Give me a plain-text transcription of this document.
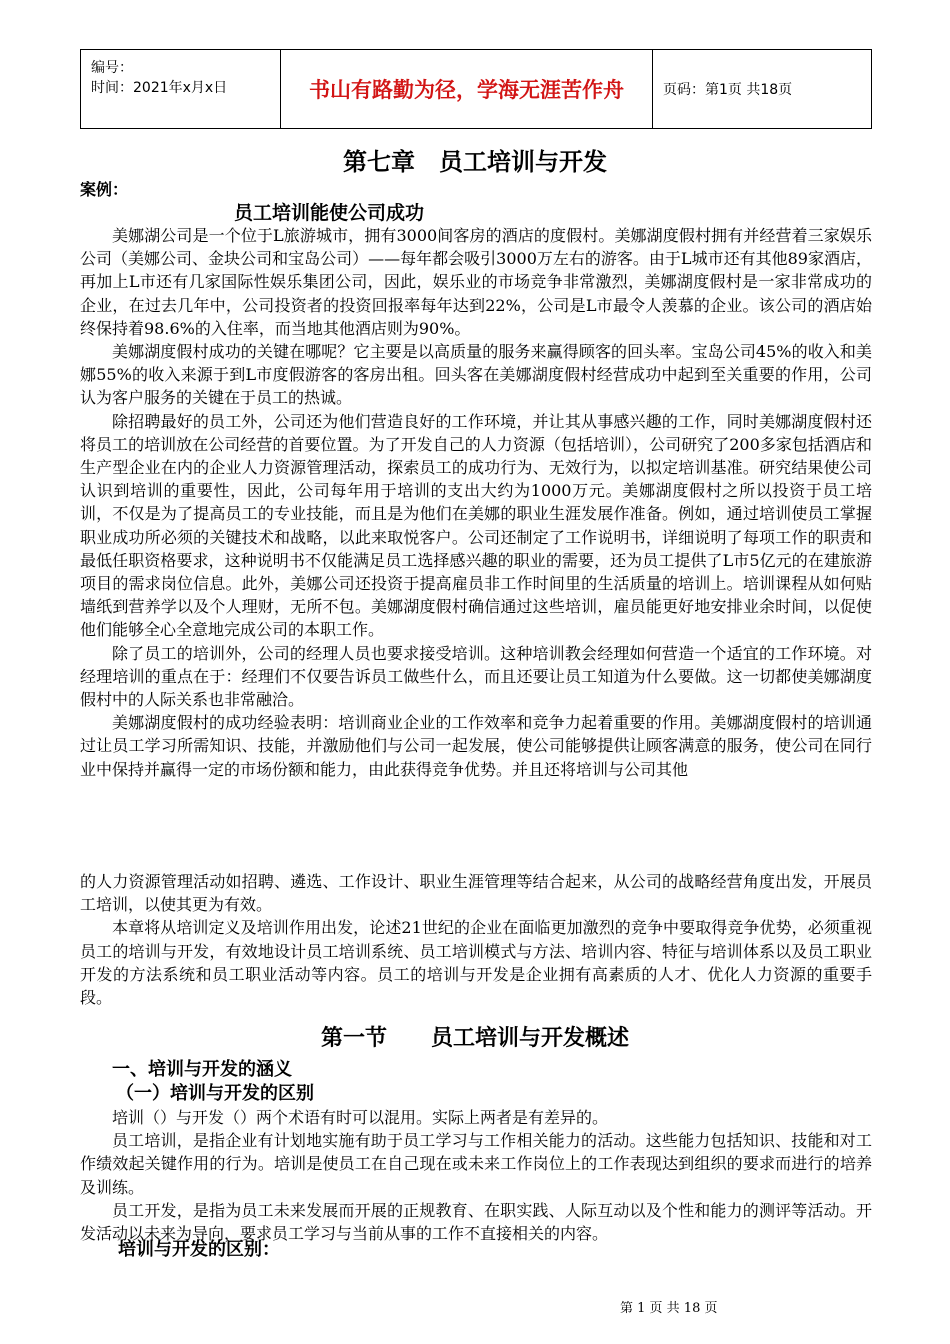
编号：
时间：2021年x月x日	书山有路勤为径，学海无涯苦作舟	页码：第1页 共18页
第七章　员工培训与开发
案例：
员工培训能使公司成功

美娜湖公司是一个位于L旅游城市，拥有3000间客房的酒店的度假村。美娜湖度假村拥有并经营着三家娱乐公司（美娜公司、金块公司和宝岛公司）——每年都会吸引3000万左右的游客。由于L城市还有其他89家酒店，再加上L市还有几家国际性娱乐集团公司，因此，娱乐业的市场竞争非常激烈，美娜湖度假村是一家非常成功的企业，在过去几年中，公司投资者的投资回报率每年达到22%，公司是L市最令人羡慕的企业。该公司的酒店始终保持着98.6%的入住率，而当地其他酒店则为90%。

美娜湖度假村成功的关键在哪呢？它主要是以高质量的服务来赢得顾客的回头率。宝岛公司45%的收入和美娜55%的收入来源于到L市度假游客的客房出租。回头客在美娜湖度假村经营成功中起到至关重要的作用，公司认为客户服务的关键在于员工的热诚。

除招聘最好的员工外，公司还为他们营造良好的工作环境，并让其从事感兴趣的工作，同时美娜湖度假村还将员工的培训放在公司经营的首要位置。为了开发自己的人力资源（包括培训），公司研究了200多家包括酒店和生产型企业在内的企业人力资源管理活动，探索员工的成功行为、无效行为，以拟定培训基准。研究结果使公司认识到培训的重要性，因此，公司每年用于培训的支出大约为1000万元。美娜湖度假村之所以投资于员工培训，不仅是为了提高员工的专业技能，而且是为他们在美娜的职业生涯发展作准备。例如，通过培训使员工掌握职业成功所必须的关键技术和战略，以此来取悦客户。公司还制定了工作说明书，详细说明了每项工作的职责和最低任职资格要求，这种说明书不仅能满足员工选择感兴趣的职业的需要，还为员工提供了L市5亿元的在建旅游项目的需求岗位信息。此外，美娜公司还投资于提高雇员非工作时间里的生活质量的培训上。培训课程从如何贴墙纸到营养学以及个人理财，无所不包。美娜湖度假村确信通过这些培训，雇员能更好地安排业余时间，以促使他们能够全心全意地完成公司的本职工作。

除了员工的培训外，公司的经理人员也要求接受培训。这种培训教会经理如何营造一个适宜的工作环境。对经理培训的重点在于：经理们不仅要告诉员工做些什么，而且还要让员工知道为什么要做。这一切都使美娜湖度假村中的人际关系也非常融洽。

美娜湖度假村的成功经验表明：培训商业企业的工作效率和竞争力起着重要的作用。美娜湖度假村的培训通过让员工学习所需知识、技能，并激励他们与公司一起发展，使公司能够提供让顾客满意的服务，使公司在同行业中保持并赢得一定的市场份额和能力，由此获得竞争优势。并且还将培训与公司其他

的人力资源管理活动如招聘、遴选、工作设计、职业生涯管理等结合起来，从公司的战略经营角度出发，开展员工培训，以使其更为有效。

本章将从培训定义及培训作用出发，论述21世纪的企业在面临更加激烈的竞争中要取得竞争优势，必须重视员工的培训与开发，有效地设计员工培训系统、员工培训模式与方法、培训内容、特征与培训体系以及员工职业开发的方法系统和员工职业活动等内容。员工的培训与开发是企业拥有高素质的人才、优化人力资源的重要手段。

第一节　　员工培训与开发概述
一、培训与开发的涵义
（一）培训与开发的区别

培训（）与开发（）两个术语有时可以混用。实际上两者是有差异的。

员工培训，是指企业有计划地实施有助于员工学习与工作相关能力的活动。这些能力包括知识、技能和对工作绩效起关键作用的行为。培训是使员工在自己现在或未来工作岗位上的工作表现达到组织的要求而进行的培养及训练。

员工开发，是指为员工未来发展而开展的正规教育、在职实践、人际互动以及个性和能力的测评等活动。开发活动以未来为导向，要求员工学习与当前从事的工作不直接相关的内容。

培训与开发的区别：
第 1 页 共 18 页
